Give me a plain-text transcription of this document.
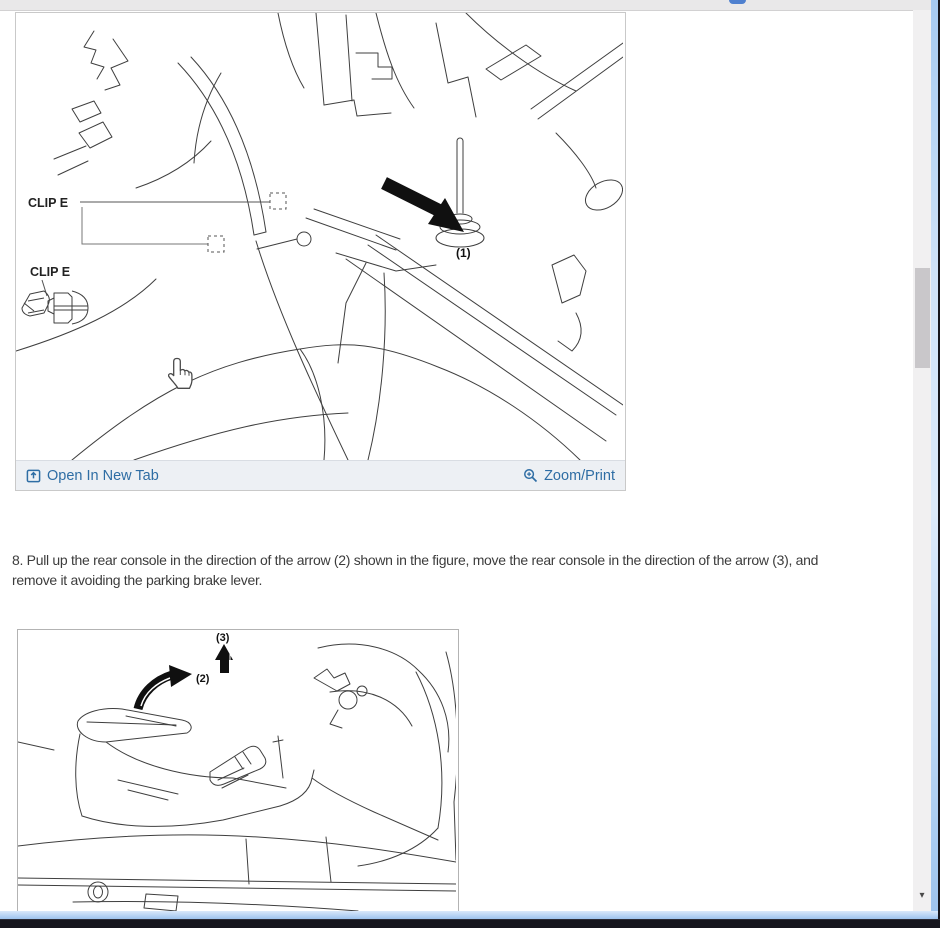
▾
CLIP E
CLIP E
(1)
Open In New Tab	Zoom/Print
8. Pull up the rear console in the direction of the arrow (2) shown in the figure, move the rear console in the direction of the arrow (3), and
remove it avoiding the parking brake lever.
(3)
(2)
